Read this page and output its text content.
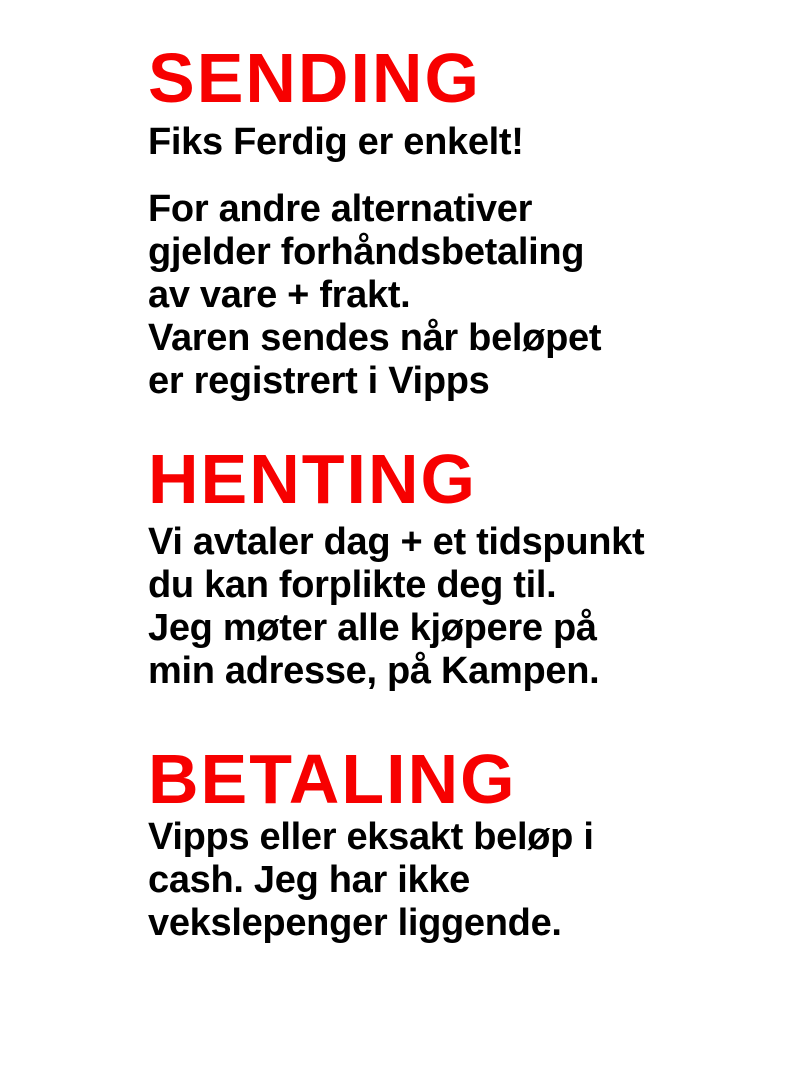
SENDING

Fiks Ferdig er enkelt!

For andre alternativer
gjelder forhåndsbetaling
av vare + frakt.
Varen sendes når beløpet
er registrert i Vipps

HENTING

Vi avtaler dag + et tidspunkt
du kan forplikte deg til.
Jeg møter alle kjøpere på
min adresse, på Kampen.

BETALING

Vipps eller eksakt beløp i
cash. Jeg har ikke
vekslepenger liggende.
